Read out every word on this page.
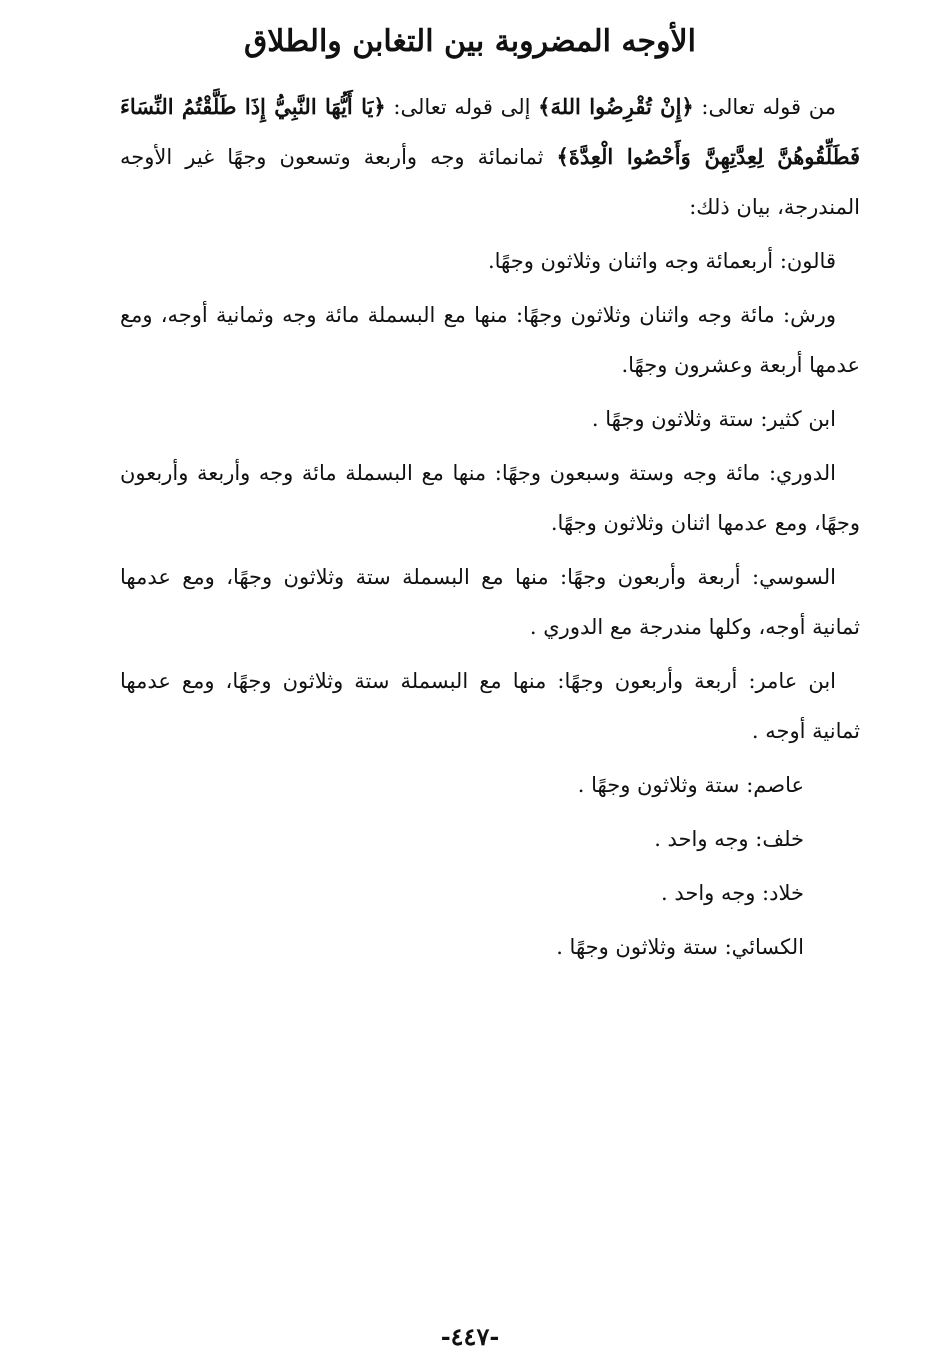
الأوجه المضروبة بين التغابن والطلاق

من قوله تعالى: ﴿إِنْ تُقْرِضُوا اللهَ﴾ إلى قوله تعالى: ﴿يَا أَيُّهَا النَّبِيُّ إِذَا طَلَّقْتُمُ النِّسَاءَ فَطَلِّقُوهُنَّ لِعِدَّتِهِنَّ وَأَحْصُوا الْعِدَّةَ﴾ ثمانمائة وجه وأربعة وتسعون وجهًا غير الأوجه المندرجة، بيان ذلك:

قالون: أربعمائة وجه واثنان وثلاثون وجهًا.

ورش: مائة وجه واثنان وثلاثون وجهًا: منها مع البسملة مائة وجه وثمانية أوجه، ومع عدمها أربعة وعشرون وجهًا.

ابن كثير: ستة وثلاثون وجهًا .

الدوري: مائة وجه وستة وسبعون وجهًا: منها مع البسملة مائة وجه وأربعة وأربعون وجهًا، ومع عدمها اثنان وثلاثون وجهًا.

السوسي: أربعة وأربعون وجهًا: منها مع البسملة ستة وثلاثون وجهًا، ومع عدمها ثمانية أوجه، وكلها مندرجة مع الدوري .

ابن عامر: أربعة وأربعون وجهًا: منها مع البسملة ستة وثلاثون وجهًا، ومع عدمها ثمانية أوجه .

عاصم: ستة وثلاثون وجهًا .

خلف: وجه واحد .

خلاد: وجه واحد .

الكسائي: ستة وثلاثون وجهًا .

-٤٤٧-
